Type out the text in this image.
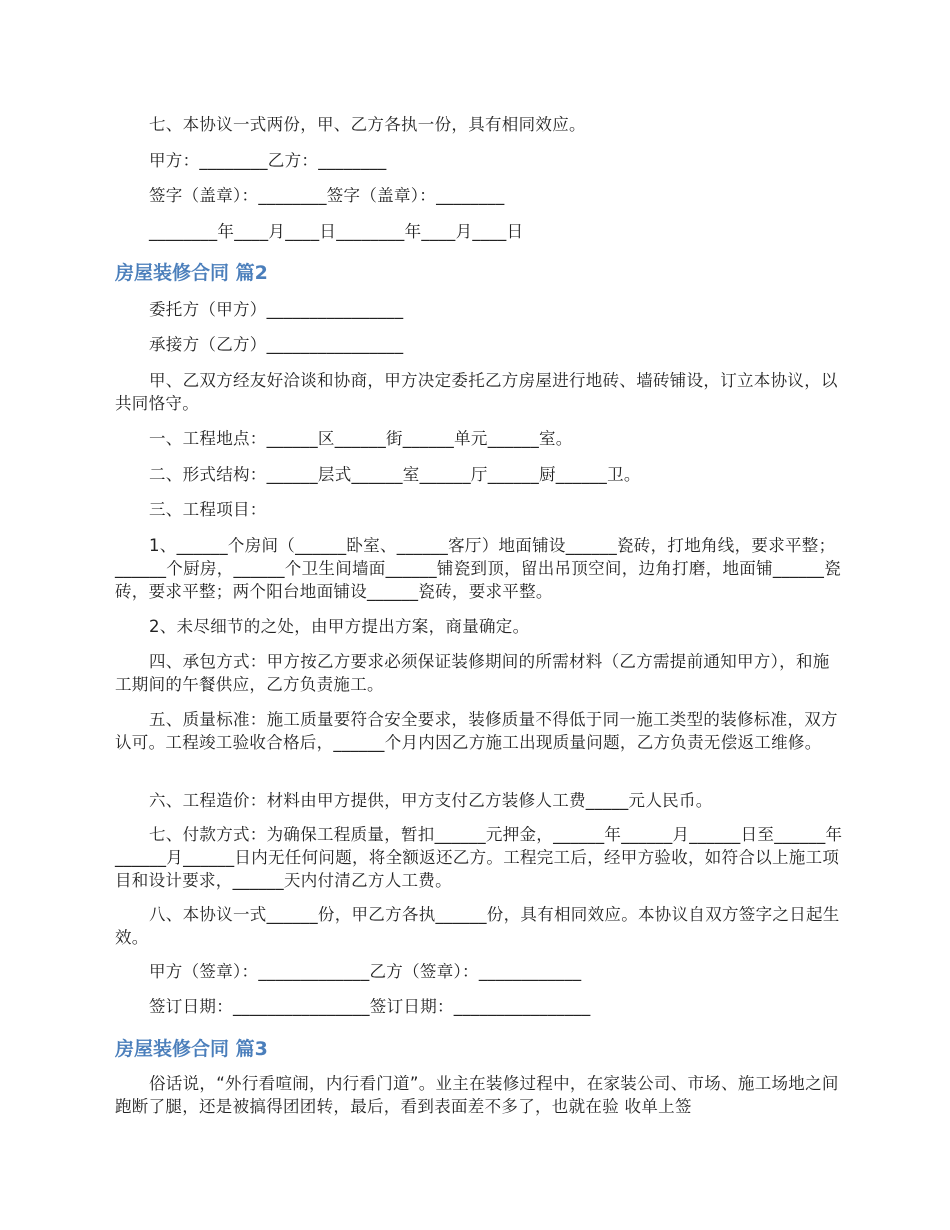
七、本协议一式两份，甲、乙方各执一份，具有相同效应。

甲方：________乙方：________

签字（盖章）：________签字（盖章）：________

________年____月____日________年____月____日

房屋装修合同 篇2

委托方（甲方）________________

承接方（乙方）________________

甲、乙双方经友好洽谈和协商，甲方决定委托乙方房屋进行地砖、墙砖铺设，订立本协议，以共同恪守。

一、工程地点：______区______街______单元______室。

二、形式结构：______层式______室______厅______厨______卫。

三、工程项目：

1、______个房间（______卧室、______客厅）地面铺设______瓷砖，打地角线，要求平整；______个厨房，______个卫生间墙面______铺瓷到顶，留出吊顶空间，边角打磨，地面铺______瓷砖，要求平整；两个阳台地面铺设______瓷砖，要求平整。

2、未尽细节的之处，由甲方提出方案，商量确定。

四、承包方式：甲方按乙方要求必须保证装修期间的所需材料（乙方需提前通知甲方），和施工期间的午餐供应，乙方负责施工。

五、质量标准：施工质量要符合安全要求，装修质量不得低于同一施工类型的装修标准，双方认可。工程竣工验收合格后，______个月内因乙方施工出现质量问题，乙方负责无偿返工维修。

六、工程造价：材料由甲方提供，甲方支付乙方装修人工费_____元人民币。

七、付款方式：为确保工程质量，暂扣______元押金，______年______月______日至______年______月______日内无任何问题，将全额返还乙方。工程完工后，经甲方验收，如符合以上施工项目和设计要求，______天内付清乙方人工费。

八、本协议一式______份，甲乙方各执______份，具有相同效应。本协议自双方签字之日起生效。

甲方（签章）：_____________乙方（签章）：____________

签订日期：________________签订日期：________________

房屋装修合同 篇3

俗话说，“外行看喧闹，内行看门道”。业主在装修过程中，在家装公司、市场、施工场地之间跑断了腿，还是被搞得团团转，最后，看到表面差不多了，也就在验 收单上签
